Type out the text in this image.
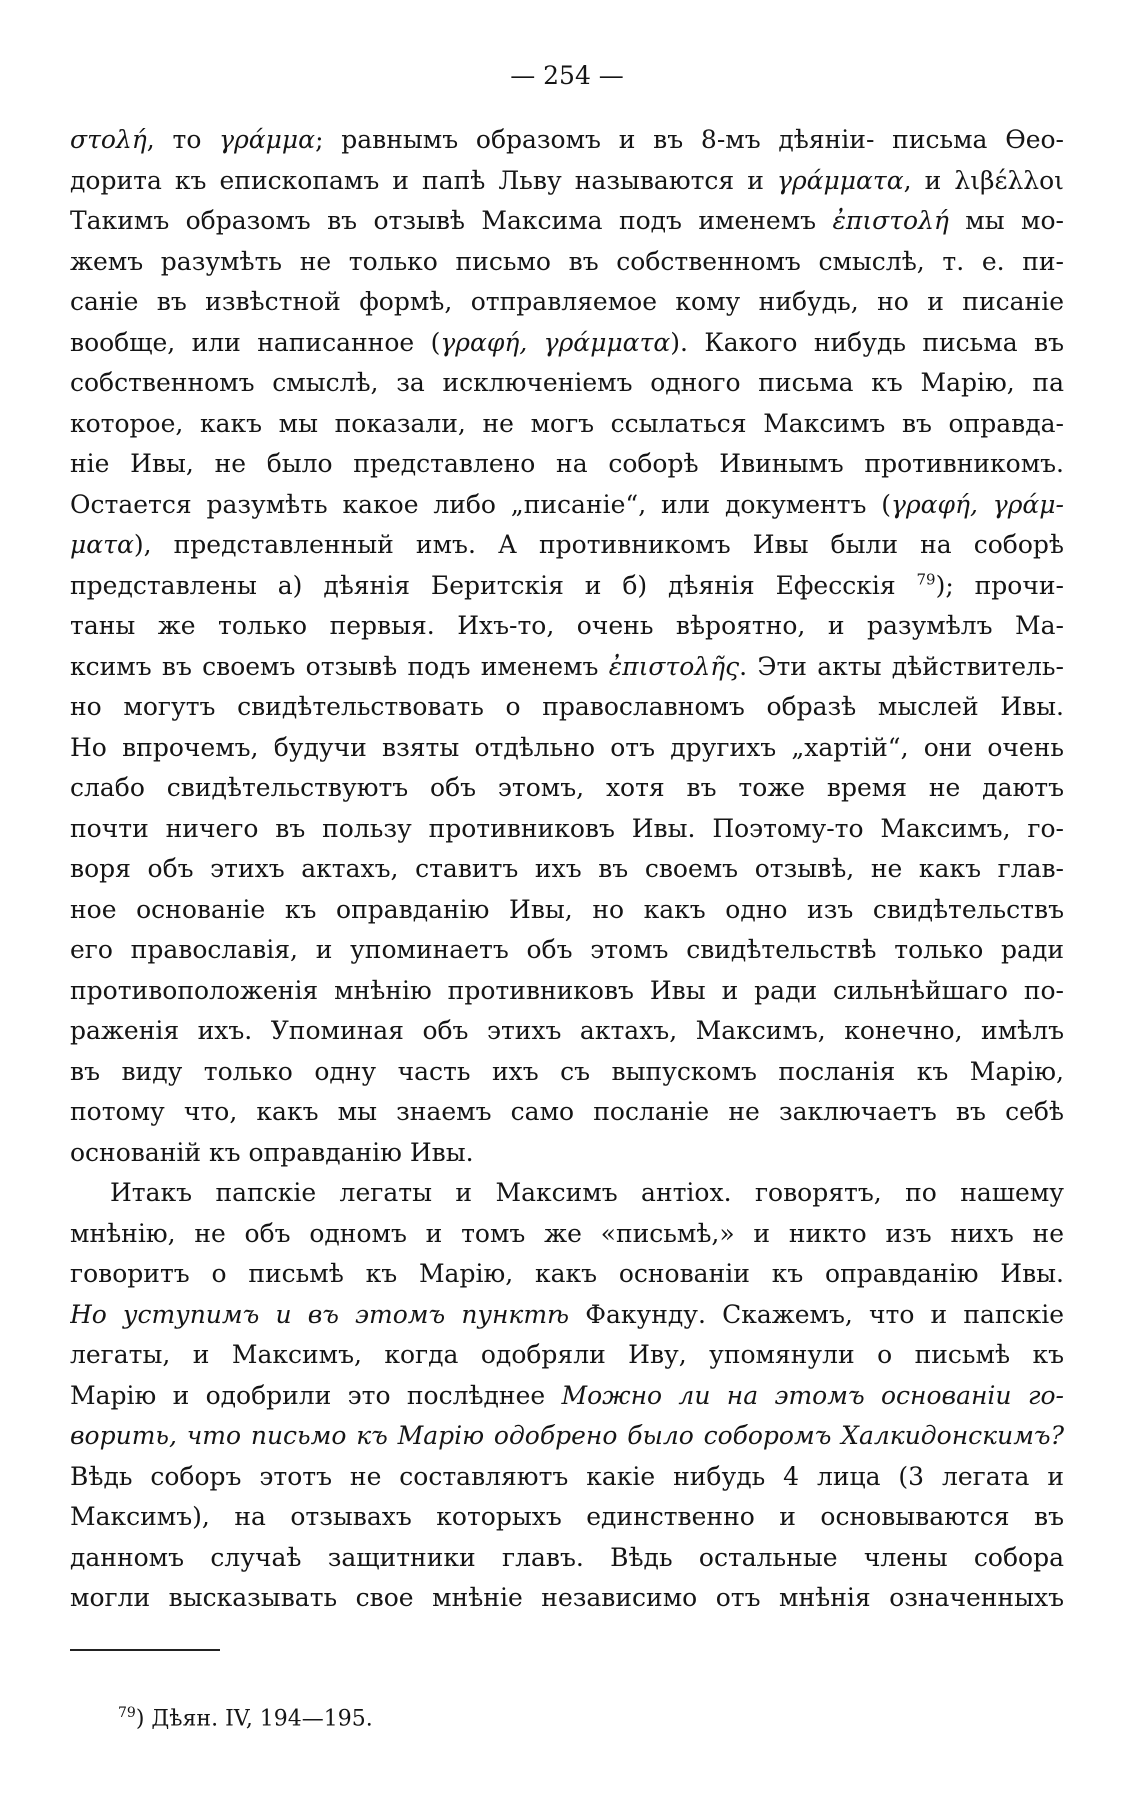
— 254 —

στολή, то γράμμα; равнымъ образомъ и въ 8-мъ дѣяніи- письма Өео-
дорита къ епископамъ и папѣ Льву называются и γράμματα, и λιβέλλοι
Такимъ образомъ въ отзывѣ Максима подъ именемъ ἐπιστολή мы мо-
жемъ разумѣть не только письмо въ собственномъ смыслѣ, т. е. пи-
саніе въ извѣстной формѣ, отправляемое кому нибудь, но и писаніе
вообще, или написанное (γραφή, γράμματα). Какого нибудь письма въ
собственномъ смыслѣ, за исключеніемъ одного письма къ Марію, па
которое, какъ мы показали, не могъ ссылаться Максимъ въ оправда-
ніе Ивы, не было представлено на соборѣ Ивинымъ противникомъ.
Остается разумѣть какое либо „писаніе“, или документъ (γραφή, γράμ-
ματα), представленный имъ. А противникомъ Ивы были на соборѣ
представлены а) дѣянія Беритскія и б) дѣянія Ефесскія $^{79}$); прочи-
таны же только первыя. Ихъ-то, очень вѣроятно, и разумѣлъ Ма-
ксимъ въ своемъ отзывѣ подъ именемъ ἐπιστολῆς. Эти акты дѣйствитель-
но могутъ свидѣтельствовать о православномъ образѣ мыслей Ивы.
Но впрочемъ, будучи взяты отдѣльно отъ другихъ „хартій“, они очень
слабо свидѣтельствуютъ объ этомъ, хотя въ тоже время не даютъ
почти ничего въ пользу противниковъ Ивы. Поэтому-то Максимъ, го-
воря объ этихъ актахъ, ставитъ ихъ въ своемъ отзывѣ, не какъ глав-
ное основаніе къ оправданію Ивы, но какъ одно изъ свидѣтельствъ
его православія, и упоминаетъ объ этомъ свидѣтельствѣ только ради
противоположенія мнѣнію противниковъ Ивы и ради сильнѣйшаго по-
раженія ихъ. Упоминая объ этихъ актахъ, Максимъ, конечно, имѣлъ
въ виду только одну часть ихъ съ выпускомъ посланія къ Марію,
потому что, какъ мы знаемъ само посланіе не заключаетъ въ себѣ
основаній къ оправданію Ивы.

Итакъ папскіе легаты и Максимъ антіох. говорятъ, по нашему
мнѣнію, не объ одномъ и томъ же «письмѣ,» и никто изъ нихъ не
говоритъ о письмѣ къ Марію, какъ основаніи къ оправданію Ивы.
Но уступимъ и въ этомъ пунктѣ Факунду. Скажемъ, что и папскіе
легаты, и Максимъ, когда одобряли Иву, упомянули о письмѣ къ
Марію и одобрили это послѣднее Можно ли на этомъ основаніи го-
ворить, что письмо къ Марію одобрено было соборомъ Халкидонскимъ?
Вѣдь соборъ этотъ не составляютъ какіе нибудь 4 лица (3 легата и
Максимъ), на отзывахъ которыхъ единственно и основываются въ
данномъ случаѣ защитники главъ. Вѣдь остальные члены собора
могли высказывать свое мнѣніе независимо отъ мнѣнія означенныхъ

$^{79}$) Дѣян. IV, 194—195.
